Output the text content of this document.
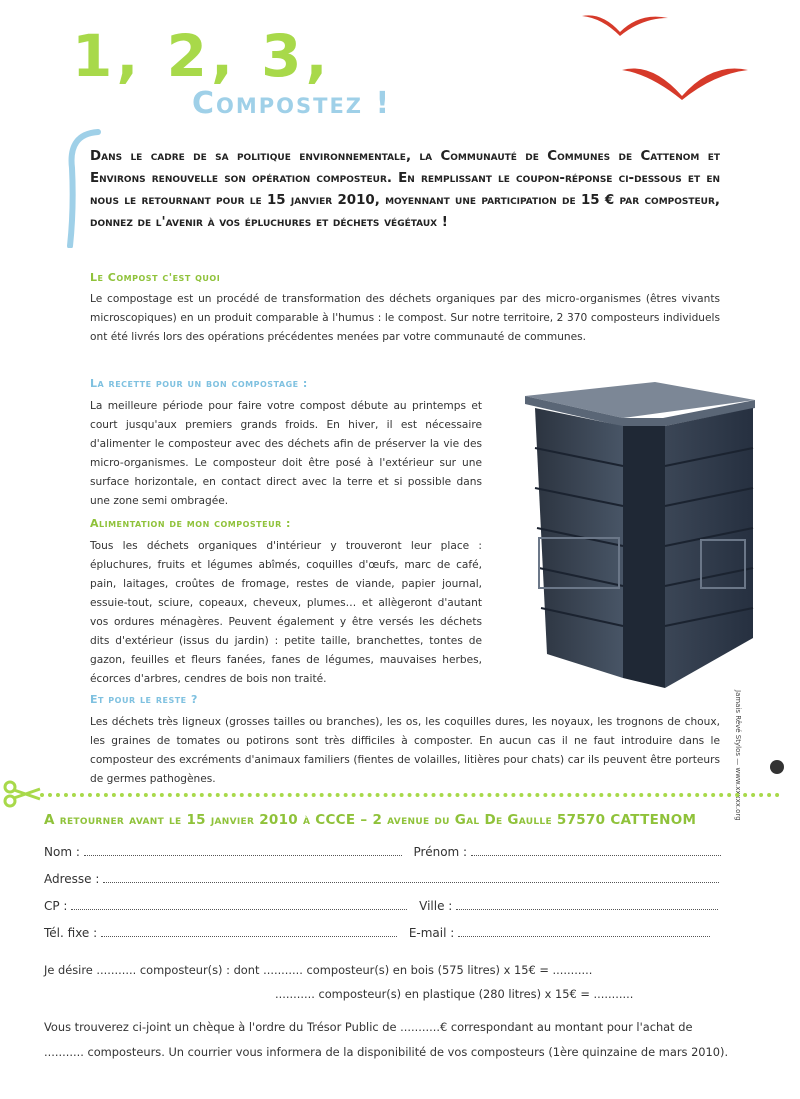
1, 2, 3,
Compostez !
Dans le cadre de sa politique environnementale, la Communauté de Communes de Cattenom et Environs renouvelle son opération composteur. En remplissant le coupon-réponse ci-dessous et en nous le retournant pour le 15 janvier 2010, moyennant une participation de 15 € par composteur, donnez de l'avenir à vos épluchures et déchets végétaux !
Le Compost c'est quoi
Le compostage est un procédé de transformation des déchets organiques par des micro-organismes (êtres vivants microscopiques) en un produit comparable à l'humus : le compost. Sur notre territoire, 2 370 composteurs individuels ont été livrés lors des opérations précédentes menées par votre communauté de communes.
La recette pour un bon compostage :
La meilleure période pour faire votre compost débute au printemps et court jusqu'aux premiers grands froids. En hiver, il est nécessaire d'alimenter le composteur avec des déchets afin de préserver la vie des micro-organismes. Le composteur doit être posé à l'extérieur sur une surface horizontale, en contact direct avec la terre et si possible dans une zone semi ombragée.
Alimentation de mon composteur :
Tous les déchets organiques d'intérieur y trouveront leur place : épluchures, fruits et légumes abîmés, coquilles d'œufs, marc de café, pain, laitages, croûtes de fromage, restes de viande, papier journal, essuie-tout, sciure, copeaux, cheveux, plumes… et allègeront d'autant vos ordures ménagères. Peuvent également y être versés les déchets dits d'extérieur (issus du jardin) : petite taille, branchettes, tontes de gazon, feuilles et fleurs fanées, fanes de légumes, mauvaises herbes, écorces d'arbres, cendres de bois non traité.
Et pour le reste ?
Les déchets très ligneux (grosses tailles ou branches), les os, les coquilles dures, les noyaux, les trognons de choux, les graines de tomates ou potirons sont très difficiles à composter. En aucun cas il ne faut introduire dans le composteur des excréments d'animaux familiers (fientes de volailles, litières pour chats) car ils peuvent être porteurs de germes pathogènes.	Jamais Rêvé Stylos — www.xxxxx.org
A retourner avant le 15 janvier 2010 à CCCE – 2 avenue du Gal De Gaulle 57570 CATTENOM
Nom :	Prénom :
Adresse :
CP :	Ville :
Tél. fixe :	E-mail :
Je désire ........... composteur(s) : dont ........... composteur(s) en bois (575 litres) x 15€ = ...........
........... composteur(s) en plastique (280 litres) x 15€ = ...........
Vous trouverez ci-joint un chèque à l'ordre du Trésor Public de ...........€ correspondant au montant pour l'achat de
........... composteurs. Un courrier vous informera de la disponibilité de vos composteurs (1ère quinzaine de mars 2010).
